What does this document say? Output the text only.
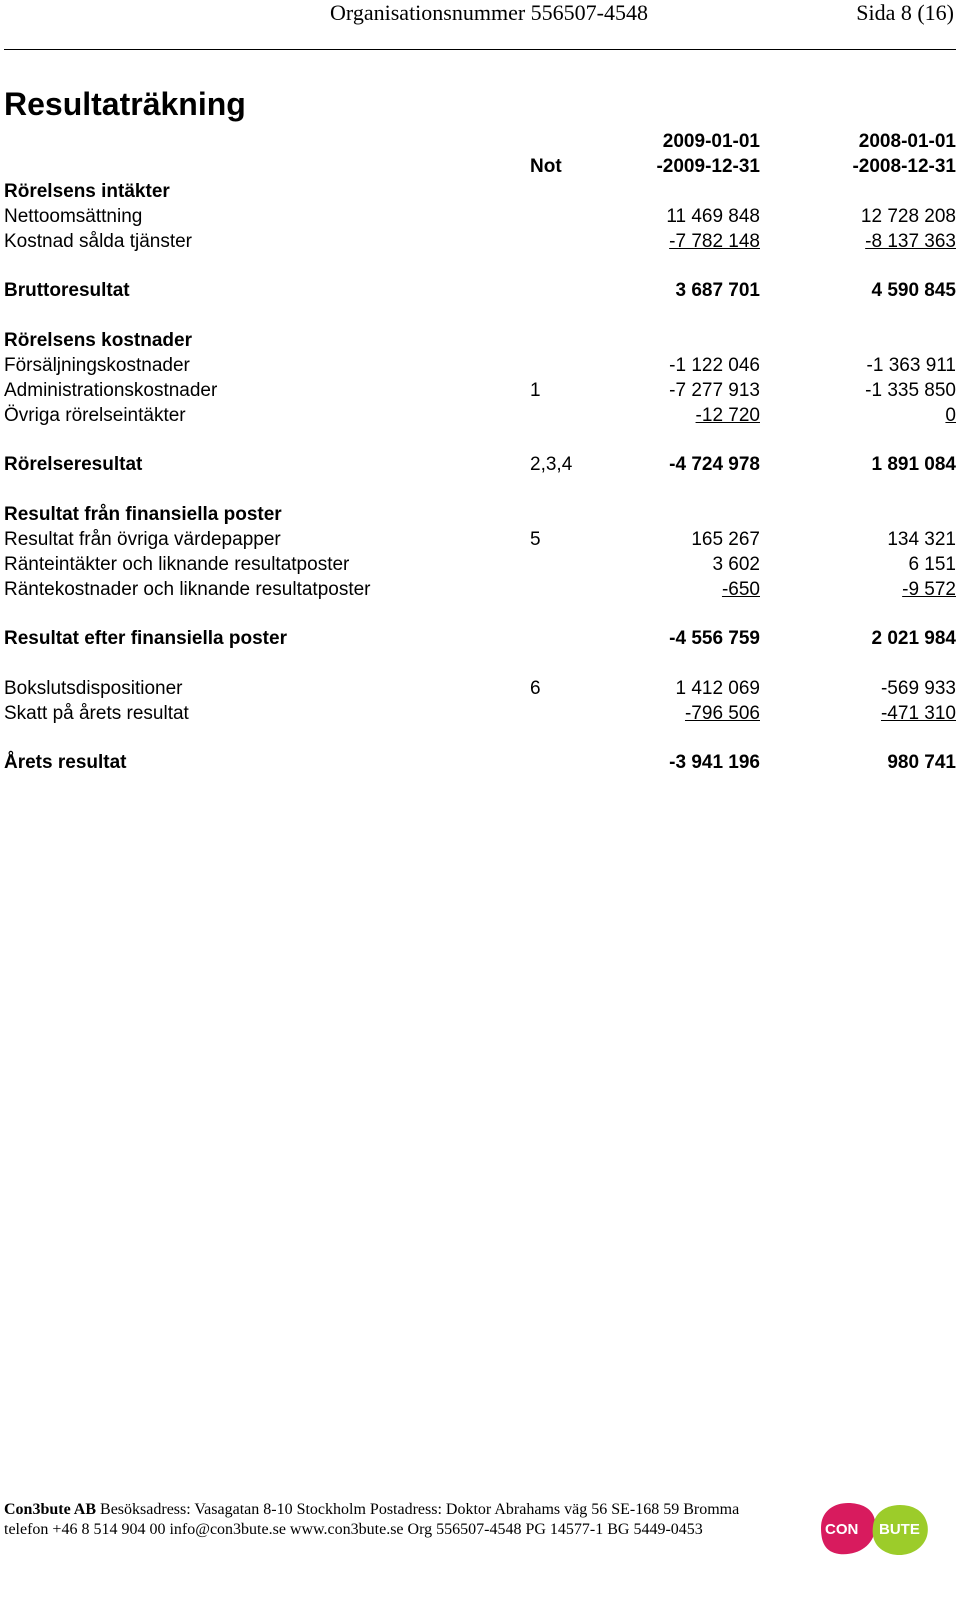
Organisationsnummer 556507-4548	Sida 8 (16)
Resultaträkning
2009-01-01	2008-01-01
Not	-2009-12-31	-2008-12-31
Rörelsens intäkter
Nettoomsättning	11 469 848	12 728 208
Kostnad sålda tjänster	-7 782 148	-8 137 363
Bruttoresultat	3 687 701	4 590 845
Rörelsens kostnader
Försäljningskostnader	-1 122 046	-1 363 911
Administrationskostnader	1	-7 277 913	-1 335 850
Övriga rörelseintäkter	-12 720	0
Rörelseresultat	2,3,4	-4 724 978	1 891 084
Resultat från finansiella poster
Resultat från övriga värdepapper	5	165 267	134 321
Ränteintäkter och liknande resultatposter	3 602	6 151
Räntekostnader och liknande resultatposter	-650	-9 572
Resultat efter finansiella poster	-4 556 759	2 021 984
Bokslutsdispositioner	6	1 412 069	-569 933
Skatt på årets resultat	-796 506	-471 310
Årets resultat	-3 941 196	980 741
Con3bute AB Besöksadress: Vasagatan 8-10 Stockholm Postadress: Doktor Abrahams väg 56 SE-168 59 Bromma
telefon +46 8 514 904 00 info@con3bute.se www.con3bute.se Org 556507-4548 PG 14577-1 BG 5449-0453	CON BUTE
